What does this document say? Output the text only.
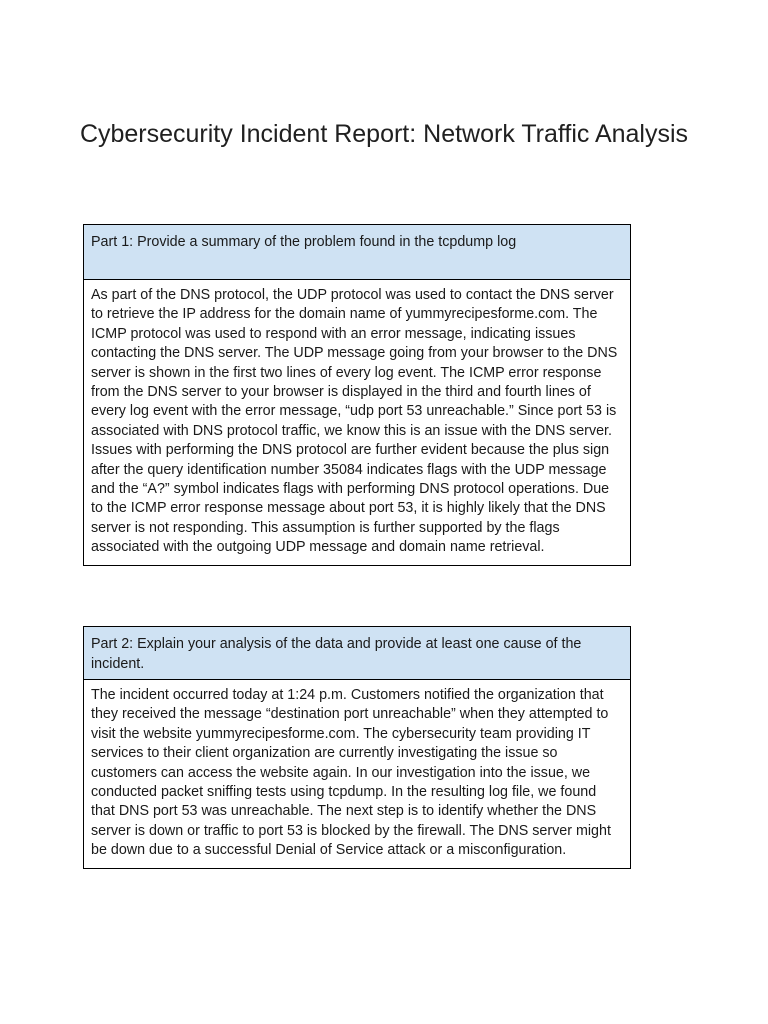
Cybersecurity Incident Report: Network Traffic Analysis
Part 1: Provide a summary of the problem found in the tcpdump log
As part of the DNS protocol, the UDP protocol was used to contact the DNS server to retrieve the IP address for the domain name of yummyrecipesforme.com. The ICMP protocol was used to respond with an error message, indicating issues contacting the DNS server. The UDP message going from your browser to the DNS server is shown in the first two lines of every log event. The ICMP error response from the DNS server to your browser is displayed in the third and fourth lines of every log event with the error message, “udp port 53 unreachable.” Since port 53 is associated with DNS protocol traffic, we know this is an issue with the DNS server. Issues with performing the DNS protocol are further evident because the plus sign after the query identification number 35084 indicates flags with the UDP message and the “A?” symbol indicates flags with performing DNS protocol operations. Due to the ICMP error response message about port 53, it is highly likely that the DNS server is not responding. This assumption is further supported by the flags associated with the outgoing UDP message and domain name retrieval.
Part 2: Explain your analysis of the data and provide at least one cause of the incident.
The incident occurred today at 1:24 p.m. Customers notified the organization that they received the message “destination port unreachable” when they attempted to visit the website yummyrecipesforme.com. The cybersecurity team providing IT services to their client organization are currently investigating the issue so customers can access the website again. In our investigation into the issue, we conducted packet sniffing tests using tcpdump. In the resulting log file, we found that DNS port 53 was unreachable. The next step is to identify whether the DNS server is down or traffic to port 53 is blocked by the firewall. The DNS server might be down due to a successful Denial of Service attack or a misconfiguration.
